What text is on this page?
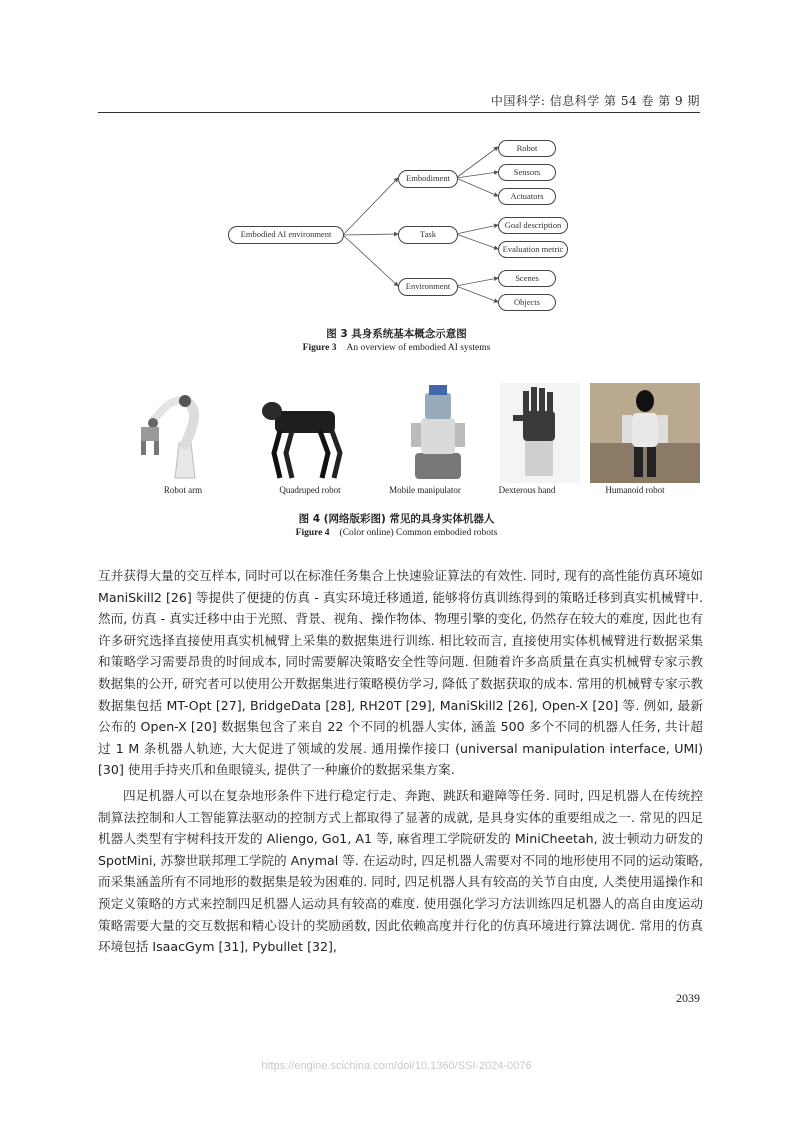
中国科学: 信息科学 第 54 卷 第 9 期
Embodied AI environment
Embodiment
Task
Environment
Robot
Sensors
Actuators
Goal description
Evaluation metric
Scenes
Objects
图 3 具身系统基本概念示意图
Figure 3 An overview of embodied AI systems
Robot arm	Quadruped robot	Mobile manipulator	Dexterous hand	Humanoid robot
图 4 (网络版彩图) 常见的具身实体机器人
Figure 4 (Color online) Common embodied robots

互并获得大量的交互样本, 同时可以在标准任务集合上快速验证算法的有效性. 同时, 现有的高性能仿真环境如 ManiSkill2 [26] 等提供了便捷的仿真 - 真实环境迁移通道, 能够将仿真训练得到的策略迁移到真实机械臂中. 然而, 仿真 - 真实迁移中由于光照、背景、视角、操作物体、物理引擎的变化, 仍然存在较大的难度, 因此也有许多研究选择直接使用真实机械臂上采集的数据集进行训练. 相比较而言, 直接使用实体机械臂进行数据采集和策略学习需要昂贵的时间成本, 同时需要解决策略安全性等问题. 但随着许多高质量在真实机械臂专家示教数据集的公开, 研究者可以使用公开数据集进行策略模仿学习, 降低了数据获取的成本. 常用的机械臂专家示教数据集包括 MT-Opt [27], BridgeData [28], RH20T [29], ManiSkill2 [26], Open-X [20] 等. 例如, 最新公布的 Open-X [20] 数据集包含了来自 22 个不同的机器人实体, 涵盖 500 多个不同的机器人任务, 共计超过 1 M 条机器人轨迹, 大大促进了领域的发展. 通用操作接口 (universal manipulation interface, UMI) [30] 使用手持夹爪和鱼眼镜头, 提供了一种廉价的数据采集方案.

四足机器人可以在复杂地形条件下进行稳定行走、奔跑、跳跃和避障等任务. 同时, 四足机器人在传统控制算法控制和人工智能算法驱动的控制方式上都取得了显著的成就, 是具身实体的重要组成之一. 常见的四足机器人类型有宇树科技开发的 Aliengo, Go1, A1 等, 麻省理工学院研发的 MiniCheetah, 波士顿动力研发的 SpotMini, 苏黎世联邦理工学院的 Anymal 等. 在运动时, 四足机器人需要对不同的地形使用不同的运动策略, 而采集涵盖所有不同地形的数据集是较为困难的. 同时, 四足机器人具有较高的关节自由度, 人类使用遥操作和预定义策略的方式来控制四足机器人运动具有较高的难度. 使用强化学习方法训练四足机器人的高自由度运动策略需要大量的交互数据和精心设计的奖励函数, 因此依赖高度并行化的仿真环境进行算法调优. 常用的仿真环境包括 IsaacGym [31], Pybullet [32],

2039
https://engine.scichina.com/doi/10.1360/SSI-2024-0076
